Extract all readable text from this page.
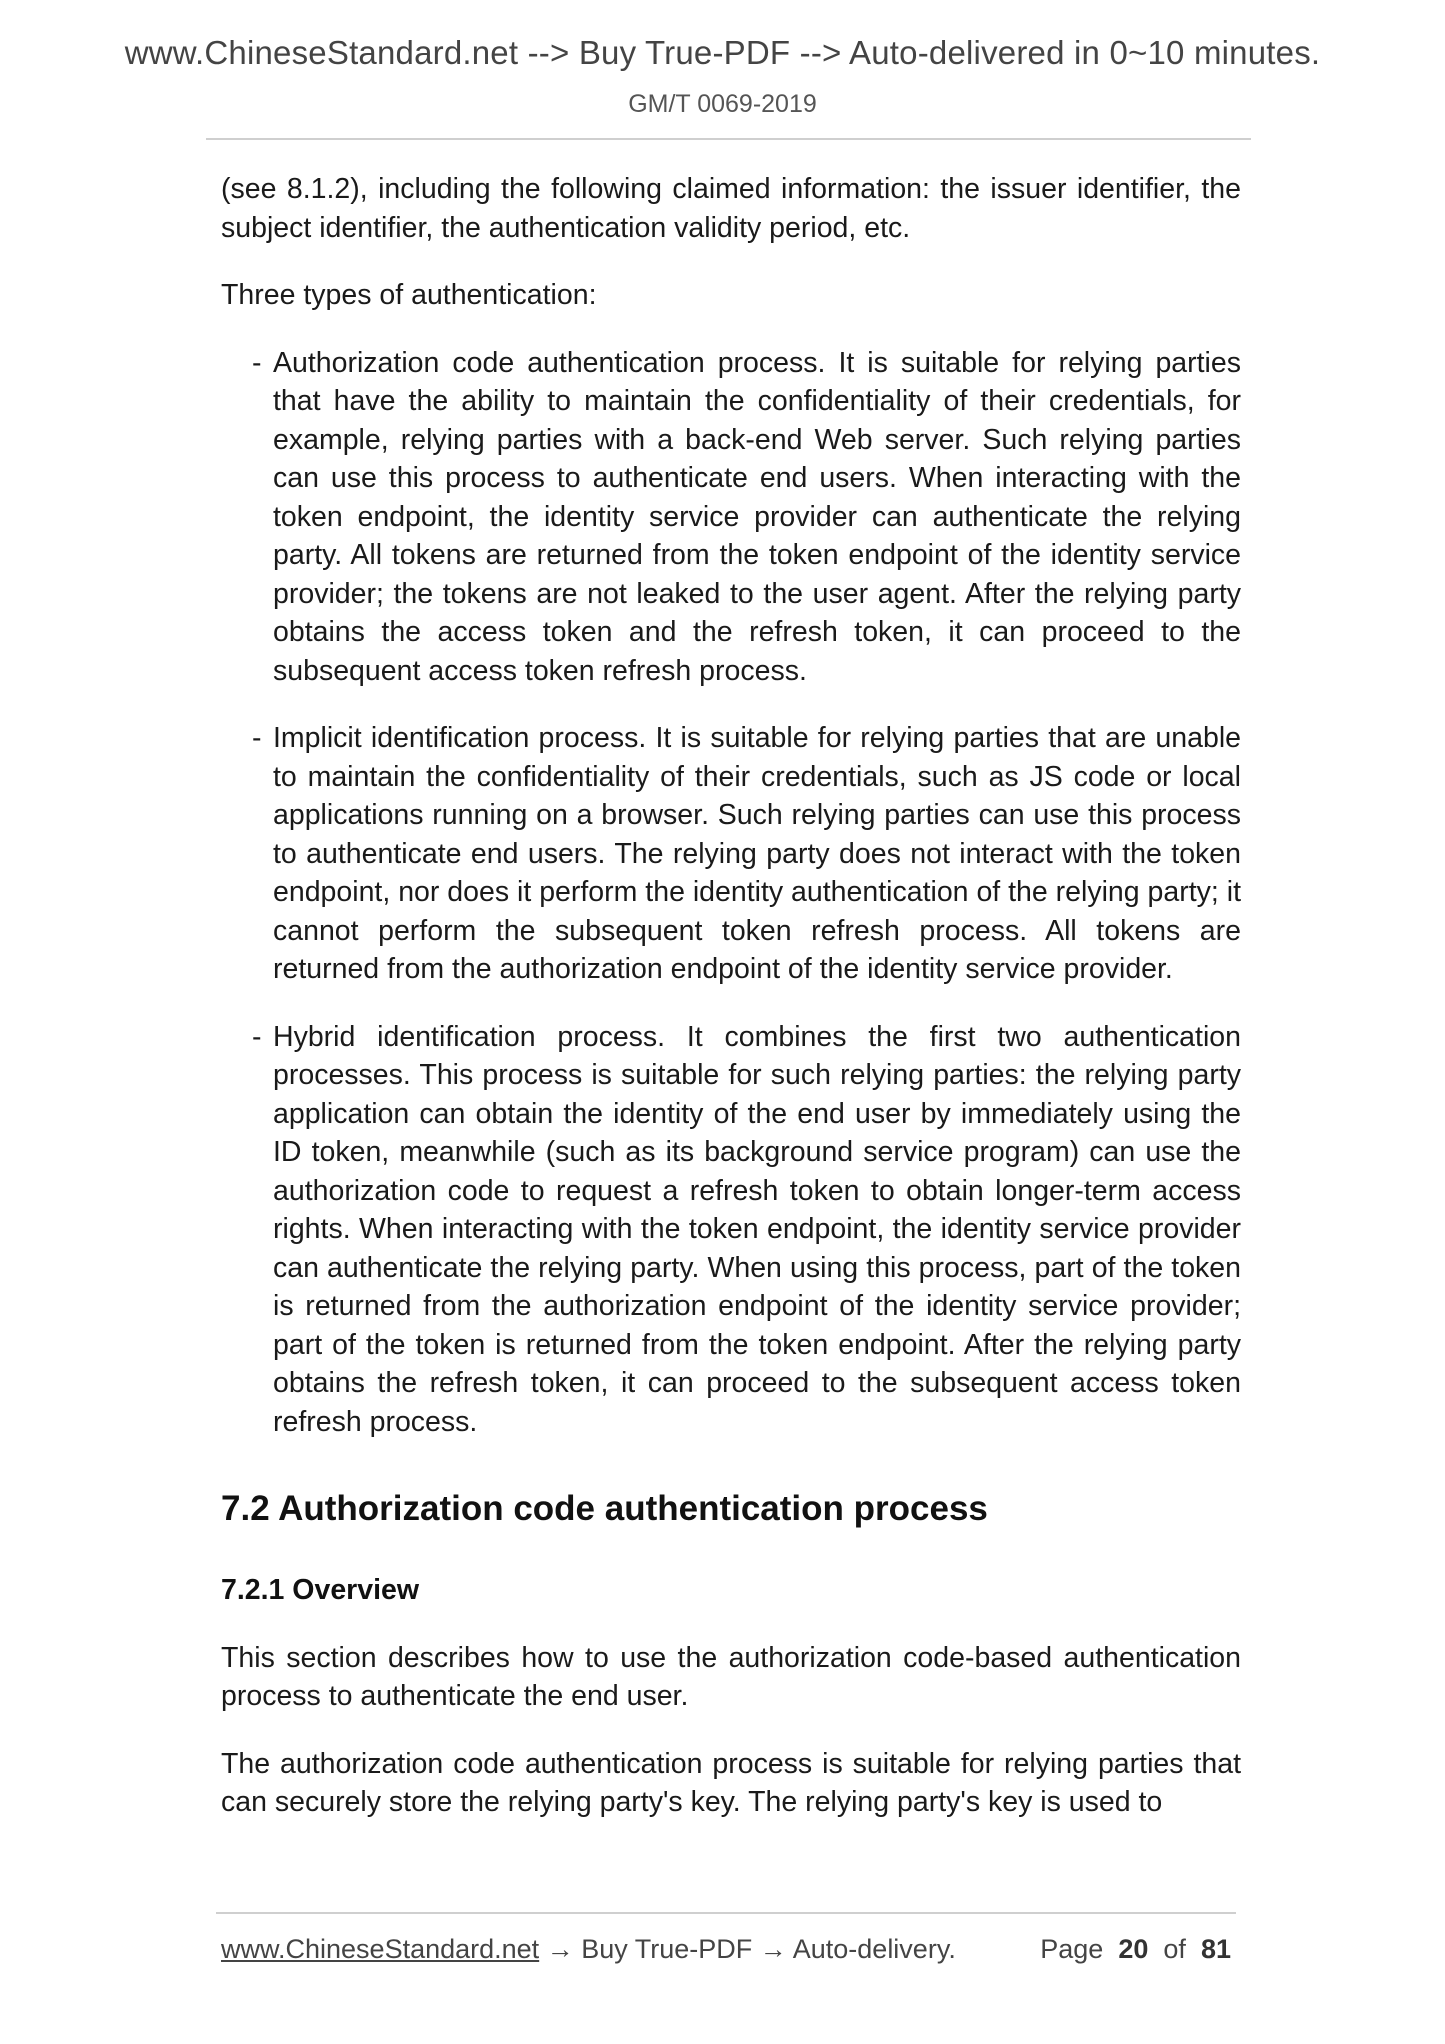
www.ChineseStandard.net --> Buy True-PDF --> Auto-delivered in 0~10 minutes.
GM/T 0069-2019

(see 8.1.2), including the following claimed information: the issuer identifier, the subject identifier, the authentication validity period, etc.

Three types of authentication:

- Authorization code authentication process. It is suitable for relying parties that have the ability to maintain the confidentiality of their credentials, for example, relying parties with a back-end Web server. Such relying parties can use this process to authenticate end users. When interacting with the token endpoint, the identity service provider can authenticate the relying party. All tokens are returned from the token endpoint of the identity service provider; the tokens are not leaked to the user agent. After the relying party obtains the access token and the refresh token, it can proceed to the subsequent access token refresh process.
- Implicit identification process. It is suitable for relying parties that are unable to maintain the confidentiality of their credentials, such as JS code or local applications running on a browser. Such relying parties can use this process to authenticate end users. The relying party does not interact with the token endpoint, nor does it perform the identity authentication of the relying party; it cannot perform the subsequent token refresh process. All tokens are returned from the authorization endpoint of the identity service provider.
- Hybrid identification process. It combines the first two authentication processes. This process is suitable for such relying parties: the relying party application can obtain the identity of the end user by immediately using the ID token, meanwhile (such as its background service program) can use the authorization code to request a refresh token to obtain longer-term access rights. When interacting with the token endpoint, the identity service provider can authenticate the relying party. When using this process, part of the token is returned from the authorization endpoint of the identity service provider; part of the token is returned from the token endpoint. After the relying party obtains the refresh token, it can proceed to the subsequent access token refresh process.
7.2 Authorization code authentication process
7.2.1 Overview

This section describes how to use the authorization code-based authentication process to authenticate the end user.

The authorization code authentication process is suitable for relying parties that can securely store the relying party's key. The relying party's key is used to

www.ChineseStandard.net → Buy True-PDF → Auto-delivery.	Page 20 of 81
